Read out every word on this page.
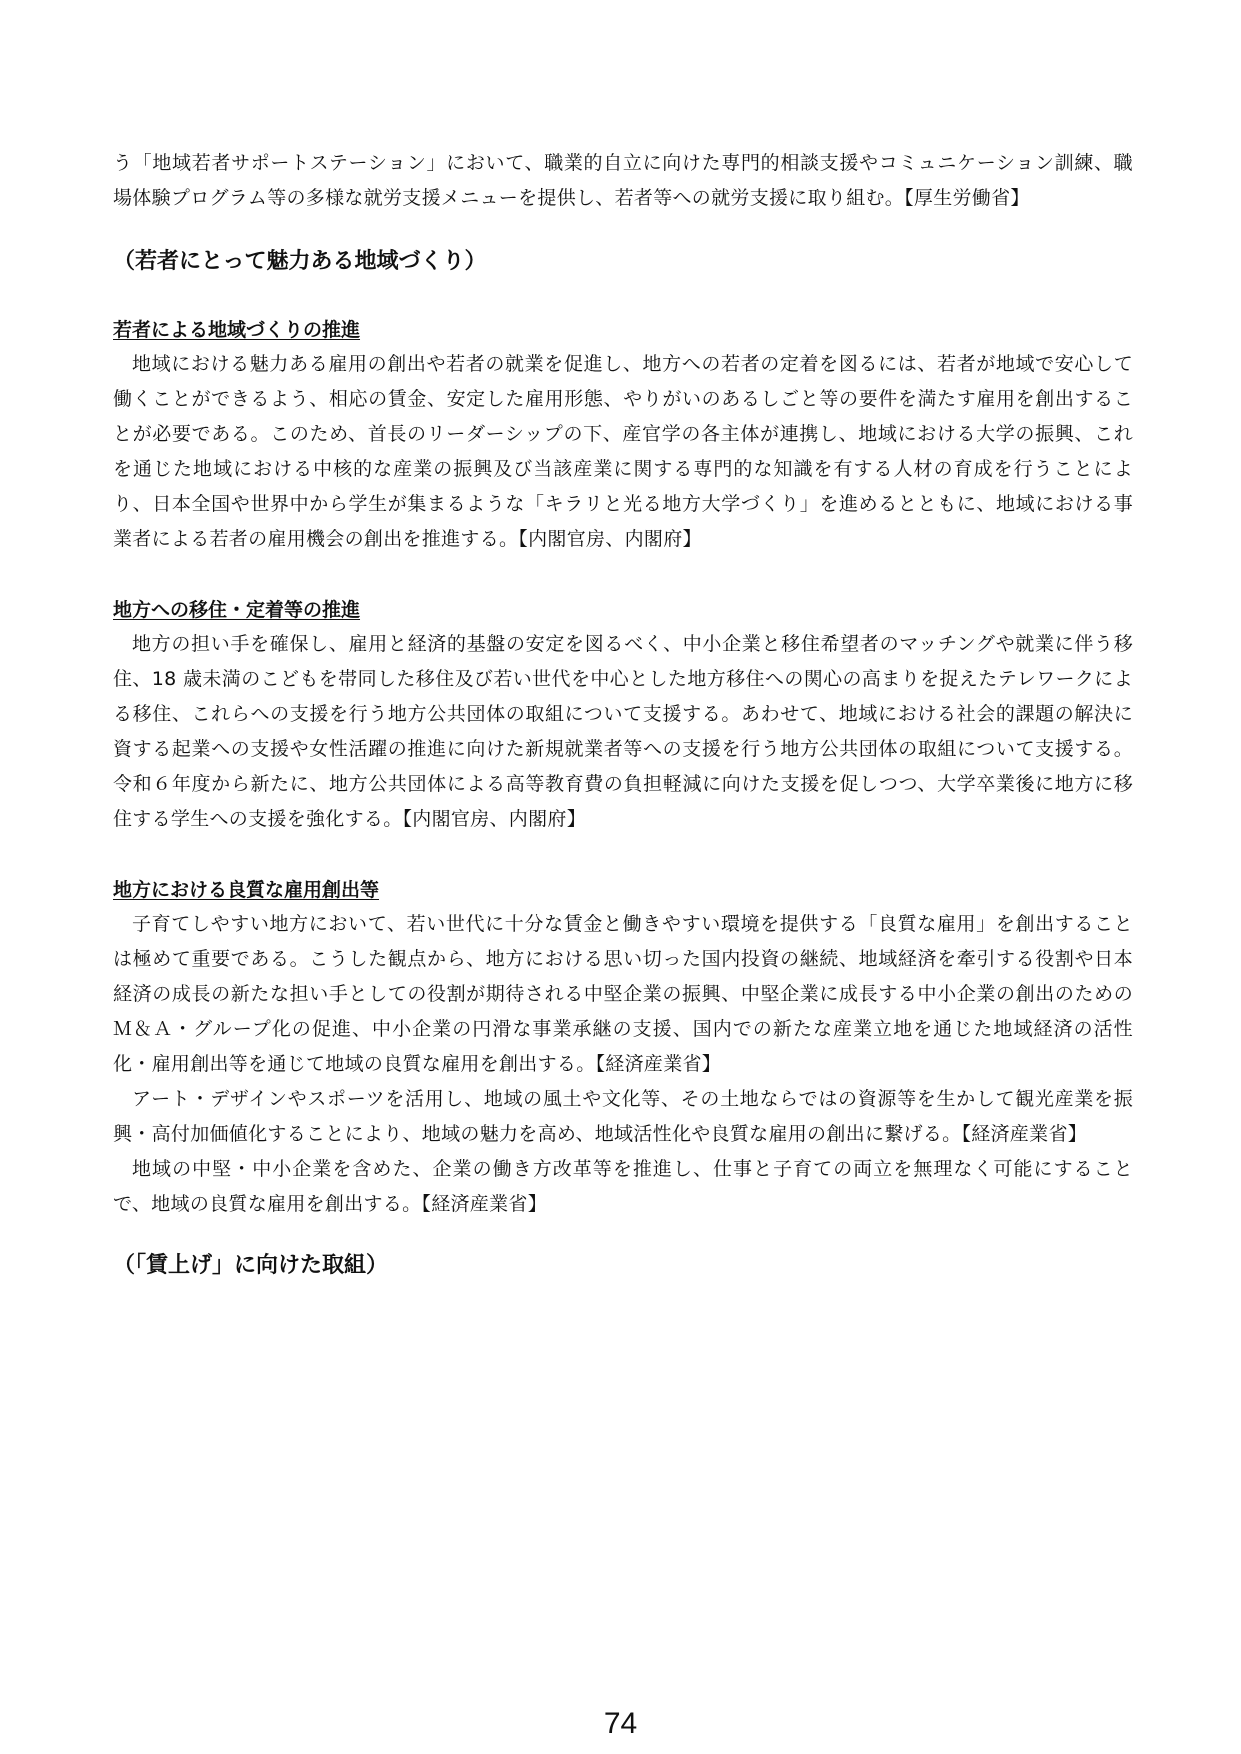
う「地域若者サポートステーション」において、職業的自立に向けた専門的相談支援やコミュニケーション訓練、職場体験プログラム等の多様な就労支援メニューを提供し、若者等への就労支援に取り組む。【厚生労働省】

（若者にとって魅力ある地域づくり）

若者による地域づくりの推進

地域における魅力ある雇用の創出や若者の就業を促進し、地方への若者の定着を図るには、若者が地域で安心して働くことができるよう、相応の賃金、安定した雇用形態、やりがいのあるしごと等の要件を満たす雇用を創出することが必要である。このため、首長のリーダーシップの下、産官学の各主体が連携し、地域における大学の振興、これを通じた地域における中核的な産業の振興及び当該産業に関する専門的な知識を有する人材の育成を行うことにより、日本全国や世界中から学生が集まるような「キラリと光る地方大学づくり」を進めるとともに、地域における事業者による若者の雇用機会の創出を推進する。【内閣官房、内閣府】

地方への移住・定着等の推進

地方の担い手を確保し、雇用と経済的基盤の安定を図るべく、中小企業と移住希望者のマッチングや就業に伴う移住、18 歳未満のこどもを帯同した移住及び若い世代を中心とした地方移住への関心の高まりを捉えたテレワークによる移住、これらへの支援を行う地方公共団体の取組について支援する。あわせて、地域における社会的課題の解決に資する起業への支援や女性活躍の推進に向けた新規就業者等への支援を行う地方公共団体の取組について支援する。令和６年度から新たに、地方公共団体による高等教育費の負担軽減に向けた支援を促しつつ、大学卒業後に地方に移住する学生への支援を強化する。【内閣官房、内閣府】

地方における良質な雇用創出等

子育てしやすい地方において、若い世代に十分な賃金と働きやすい環境を提供する「良質な雇用」を創出することは極めて重要である。こうした観点から、地方における思い切った国内投資の継続、地域経済を牽引する役割や日本経済の成長の新たな担い手としての役割が期待される中堅企業の振興、中堅企業に成長する中小企業の創出のためのＭ＆Ａ・グループ化の促進、中小企業の円滑な事業承継の支援、国内での新たな産業立地を通じた地域経済の活性化・雇用創出等を通じて地域の良質な雇用を創出する。【経済産業省】

アート・デザインやスポーツを活用し、地域の風土や文化等、その土地ならではの資源等を生かして観光産業を振興・高付加価値化することにより、地域の魅力を高め、地域活性化や良質な雇用の創出に繋げる。【経済産業省】

地域の中堅・中小企業を含めた、企業の働き方改革等を推進し、仕事と子育ての両立を無理なく可能にすることで、地域の良質な雇用を創出する。【経済産業省】

（「賃上げ」に向けた取組）

74
